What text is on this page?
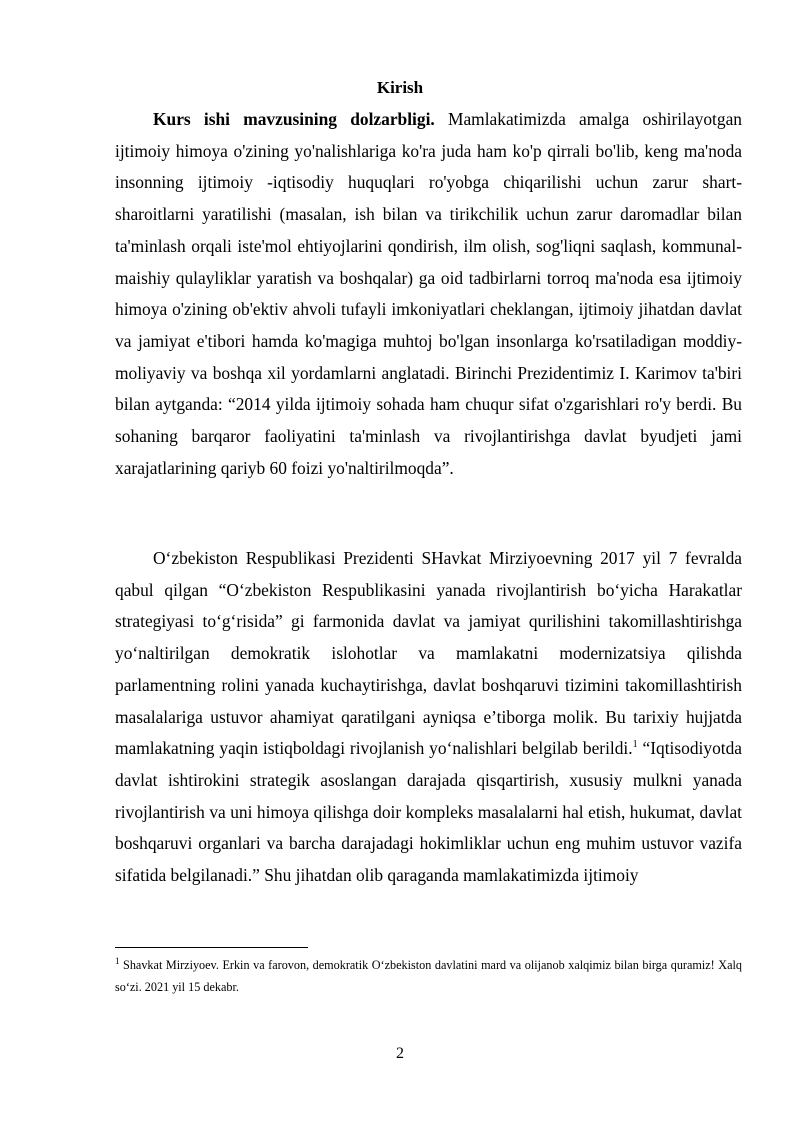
Kirish

Kurs ishi mavzusining dolzarbligi. Mamlakatimizda amalga oshirilayotgan ijtimoiy himoya o'zining yo'nalishlariga ko'ra juda ham ko'p qirrali bo'lib, keng ma'noda insonning ijtimoiy -iqtisodiy huquqlari ro'yobga chiqarilishi uchun zarur shart-sharoitlarni yaratilishi (masalan, ish bilan va tirikchilik uchun zarur daromadlar bilan ta'minlash orqali iste'mol ehtiyojlarini qondirish, ilm olish, sog'liqni saqlash, kommunal-maishiy qulayliklar yaratish va boshqalar) ga oid tadbirlarni torroq ma'noda esa ijtimoiy himoya o'zining ob'ektiv ahvoli tufayli imkoniyatlari cheklangan, ijtimoiy jihatdan davlat va jamiyat e'tibori hamda ko'magiga muhtoj bo'lgan insonlarga ko'rsatiladigan moddiy-moliyaviy va boshqa xil yordamlarni anglatadi. Birinchi Prezidentimiz I. Karimov ta'biri bilan aytganda: “2014 yilda ijtimoiy sohada ham chuqur sifat o'zgarishlari ro'y berdi. Bu sohaning barqaror faoliyatini ta'minlash va rivojlantirishga davlat byudjeti jami xarajatlarining qariyb 60 foizi yo'naltirilmoqda”.

O‘zbekiston Respublikasi Prezidenti SHavkat Mirziyoevning 2017 yil 7 fevralda qabul qilgan “O‘zbekiston Respublikasini yanada rivojlantirish bo‘yicha Harakatlar strategiyasi to‘g‘risida” gi farmonida davlat va jamiyat qurilishini takomillashtirishga yo‘naltirilgan demokratik islohotlar va mamlakatni modernizatsiya qilishda parlamentning rolini yanada kuchaytirishga, davlat boshqaruvi tizimini takomillashtirish masalalariga ustuvor ahamiyat qaratilgani ayniqsa e’tiborga molik. Bu tarixiy hujjatda mamlakatning yaqin istiqboldagi rivojlanish yo‘nalishlari belgilab berildi.$^1$ “Iqtisodiyotda davlat ishtirokini strategik asoslangan darajada qisqartirish, xususiy mulkni yanada rivojlantirish va uni himoya qilishga doir kompleks masalalarni hal etish, hukumat, davlat boshqaruvi organlari va barcha darajadagi hokimliklar uchun eng muhim ustuvor vazifa sifatida belgilanadi.” Shu jihatdan olib qaraganda mamlakatimizda ijtimoiy

$^1$ Shavkat Mirziyoev. Erkin va farovon, demokratik O‘zbekiston davlatini mard va olijanob xalqimiz bilan birga quramiz! Xalq so‘zi. 2021 yil 15 dekabr.
2
